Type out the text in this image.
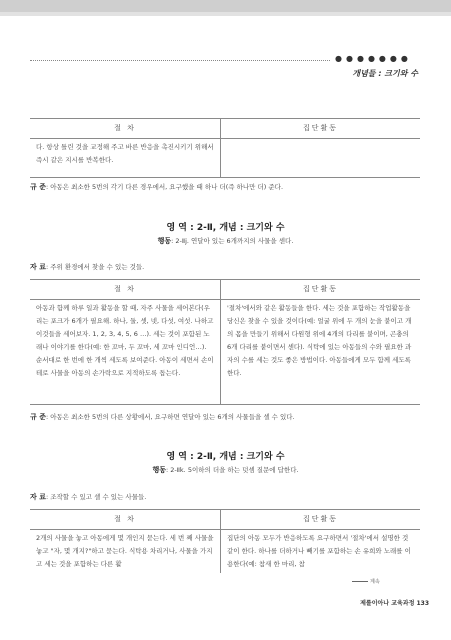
●●●●●●●
개념들 : 크기와 수
절 차	집단활동
다. 항상 틀린 것을 교정해 주고 바른 반응을 촉진시키기 위해서 즉시 같은 지시를 반복한다.	
규 준: 아동은 최소한 5번의 각기 다른 경우에서, 요구했을 때 하나 더(즉 하나만 더) 준다.
영 역 : 2-Ⅱ, 개념 : 크기와 수
행동: 2-Ⅱj. 연달아 있는 6개까지의 사물을 센다.
자 료: 주위 환경에서 찾을 수 있는 것들.
절 차	집단활동
아동과 함께 하루 일과 활동을 할 때, 자주 사물을 세어본다(우리는 포크가 6개가 필요해. 하나, 둘, 셋, 넷, 다섯, 여섯. 나하고 이것들을 세어보자. 1, 2, 3, 4, 5, 6 …). 세는 것이 포함된 노래나 이야기를 한다(예: 한 꼬마, 두 꼬마, 세 꼬마 인디언…). 순서대로 한 번에 한 개씩 세도록 보여준다. 아동이 세면서 손이테로 사물을 아동의 손가락으로 지적하도록 돕는다.	'절차'에서와 같은 활동들을 한다. 세는 것을 포함하는 작업활동을 당신은 찾을 수 있을 것이다(예: 얼굴 위에 두 개의 눈을 붙이고 개의 몸을 만들기 위해서 다원형 위에 4개의 다리를 붙이며, 곤충의 6개 다리를 붙이면서 센다). 식탁에 있는 아동들의 수와 필요한 과자의 수를 세는 것도 좋은 방법이다. 아동들에게 모두 함께 세도록 한다.
규 준: 아동은 최소한 5번의 다른 상황에서, 요구하면 연달아 있는 6개의 사물들을 셀 수 있다.
영 역 : 2-Ⅱ, 개념 : 크기와 수
행동: 2-Ⅱk. 5이하의 더을 하는 덧셈 질문에 답한다.
자 료: 조작할 수 있고 셀 수 있는 사물들.
절 차	집단활동
2개의 사물을 놓고 아동에게 몇 개인지 묻는다. 세 번 째 사물을 놓고 "자, 몇 개지?"하고 묻는다. 식탁용 차리거나, 사물을 가지고 세는 것을 포함하는 다른 활	집단의 아동 모두가 반응하도록 요구하면서 '절차'에서 설명한 것같이 한다. 하나를 더하거나 빼기를 포함하는 손 유희와 노래를 이용한다(예: 참새 한 마리, 참
계속
제롤이아나 교육과정 133
